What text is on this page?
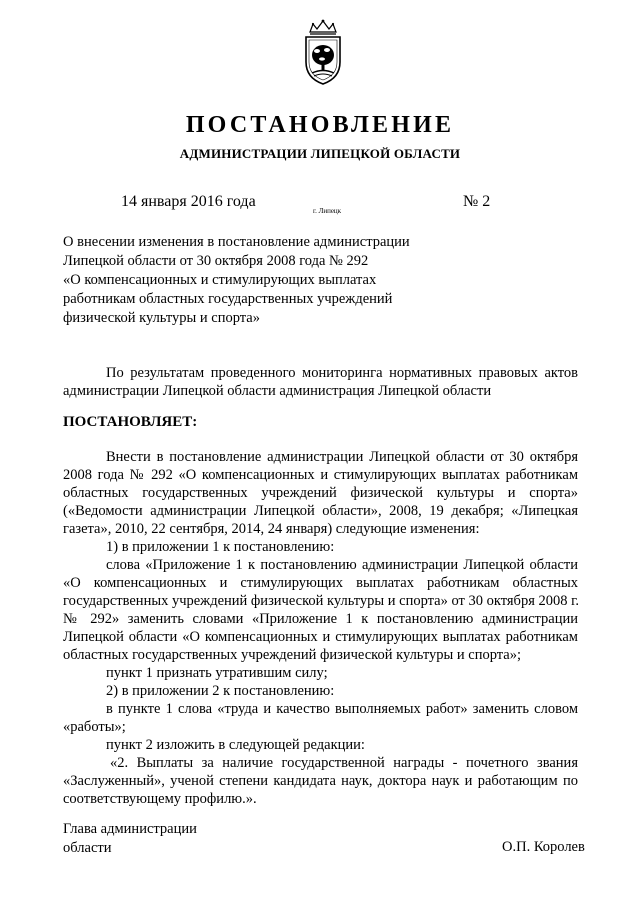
ПОСТАНОВЛЕНИЕ
АДМИНИСТРАЦИИ ЛИПЕЦКОЙ ОБЛАСТИ
14 января 2016 года
г. Липецк
№ 2
О внесении изменения в постановление администрации
Липецкой области от 30 октября 2008 года № 292
«О компенсационных и стимулирующих выплатах
работникам областных государственных учреждений
физической культуры и спорта»
По результатам проведенного мониторинга нормативных правовых актов
администрации Липецкой области администрация Липецкой области
ПОСТАНОВЛЯЕТ:
Внести в постановление администрации Липецкой области от 30 октября
2008 года № 292 «О компенсационных и стимулирующих выплатах работникам
областных государственных учреждений физической культуры и спорта»
(«Ведомости администрации Липецкой области», 2008, 19 декабря; «Липецкая
газета», 2010, 22 сентября, 2014, 24 января) следующие изменения:
1) в приложении 1 к постановлению:
слова «Приложение 1 к постановлению администрации Липецкой области
«О компенсационных и стимулирующих выплатах работникам областных
государственных учреждений физической культуры и спорта» от 30 октября 2008 г.
№ 292» заменить словами «Приложение 1 к постановлению администрации
Липецкой области «О компенсационных и стимулирующих выплатах работникам
областных государственных учреждений физической культуры и спорта»;
пункт 1 признать утратившим силу;
2) в приложении 2 к постановлению:
в пункте 1 слова «труда и качество выполняемых работ» заменить словом
«работы»;
пункт 2 изложить в следующей редакции:
«2. Выплаты за наличие государственной награды - почетного звания
«Заслуженный», ученой степени кандидата наук, доктора наук и работающим по
соответствующему профилю.».
Глава администрации
области	О.П. Королев
